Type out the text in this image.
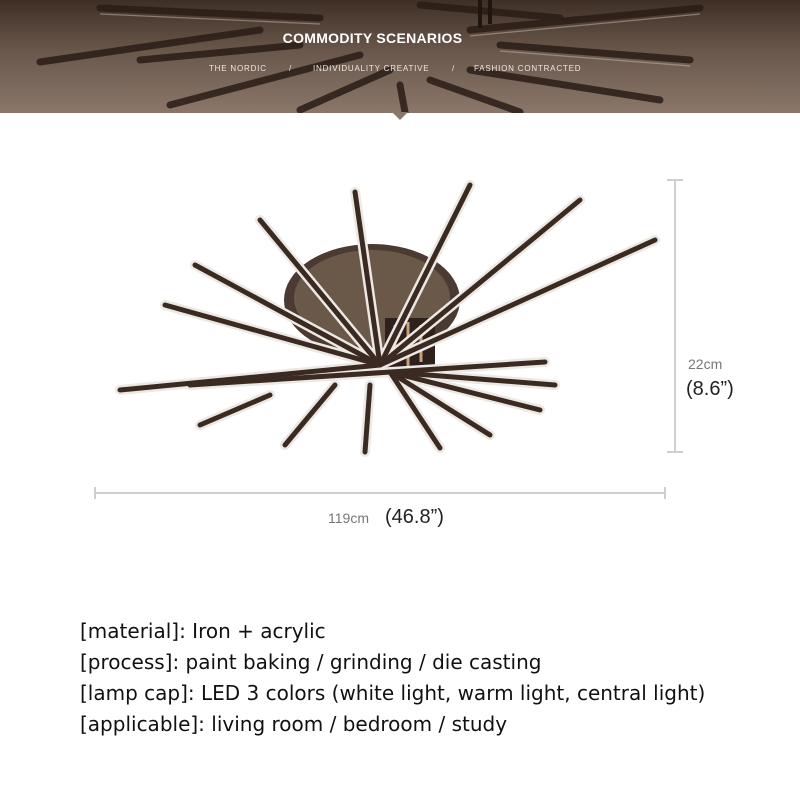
COMMODITY SCENARIOS
THE NORDIC	/	INDIVIDUALITY CREATIVE	/ FASHION CONTRACTED
22cm
(8.6”)
119cm (46.8”)
[material]: Iron + acrylic
[process]: paint baking / grinding / die casting
[lamp cap]: LED 3 colors (white light, warm light, central light)
[applicable]: living room / bedroom / study
